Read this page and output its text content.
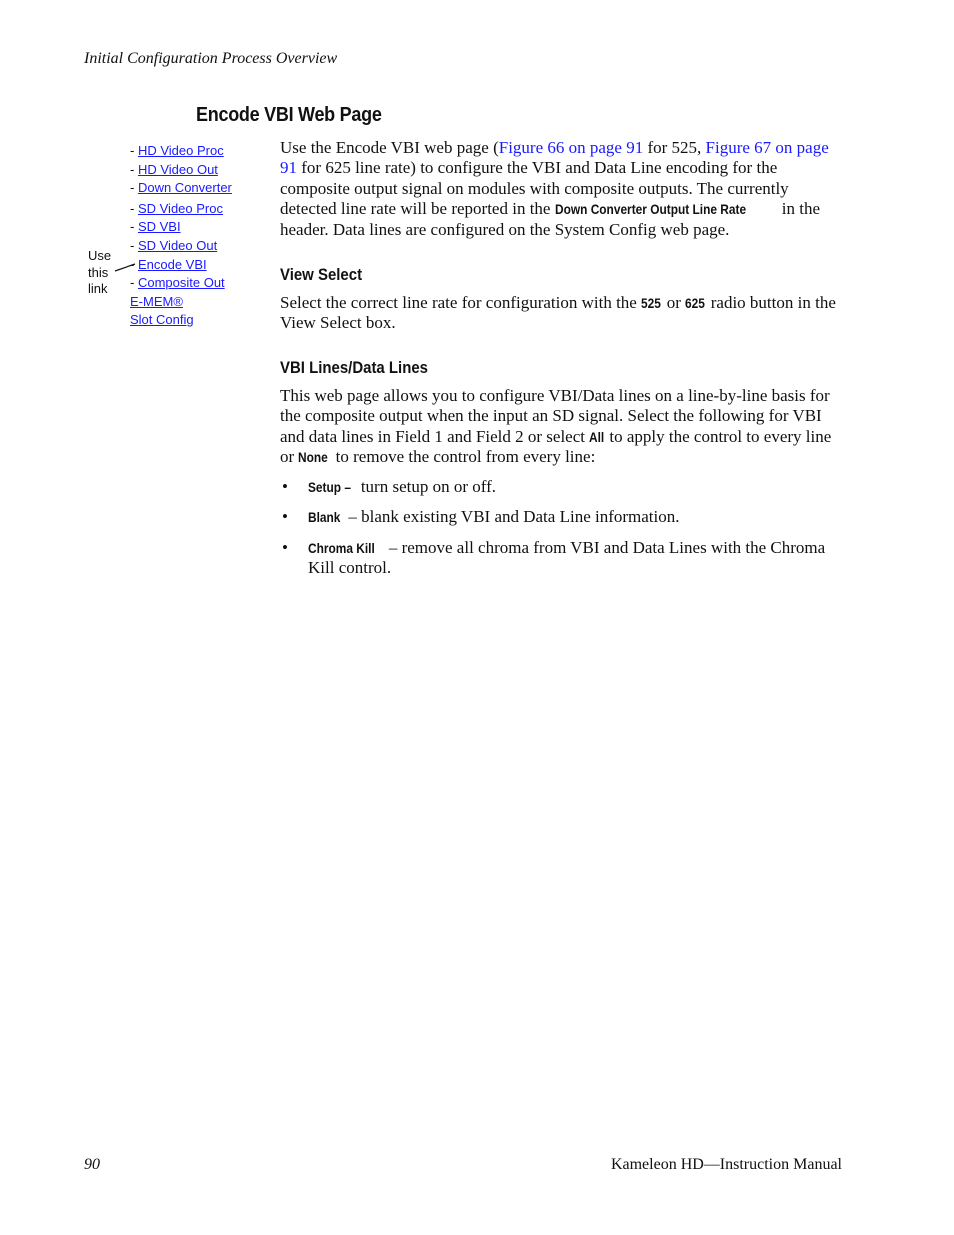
Initial Configuration Process Overview
Encode VBI Web Page
- HD Video Proc
- HD Video Out
- Down Converter
- SD Video Proc
- SD VBI
- SD Video Out
- Encode VBI
- Composite Out
E-MEM®
Slot Config
Use
this
link
Use the Encode VBI web page (Figure 66 on page 91 for 525, Figure 67 on page 91 for 625 line rate) to configure the VBI and Data Line encoding for the composite output signal on modules with composite outputs. The currently detected line rate will be reported in the Down Converter Output Line Rate in the header. Data lines are configured on the System Config web page.
View Select
Select the correct line rate for configuration with the 525 or 625 radio button in the View Select box.
VBI Lines/Data Lines
This web page allows you to configure VBI/Data lines on a line-by-line basis for the composite output when the input an SD signal. Select the following for VBI and data lines in Field 1 and Field 2 or select All to apply the control to every line or None to remove the control from every line:
• Setup – turn setup on or off.
• Blank – blank existing VBI and Data Line information.
• Chroma Kill – remove all chroma from VBI and Data Lines with the Chroma Kill control.
90	Kameleon HD—Instruction Manual
